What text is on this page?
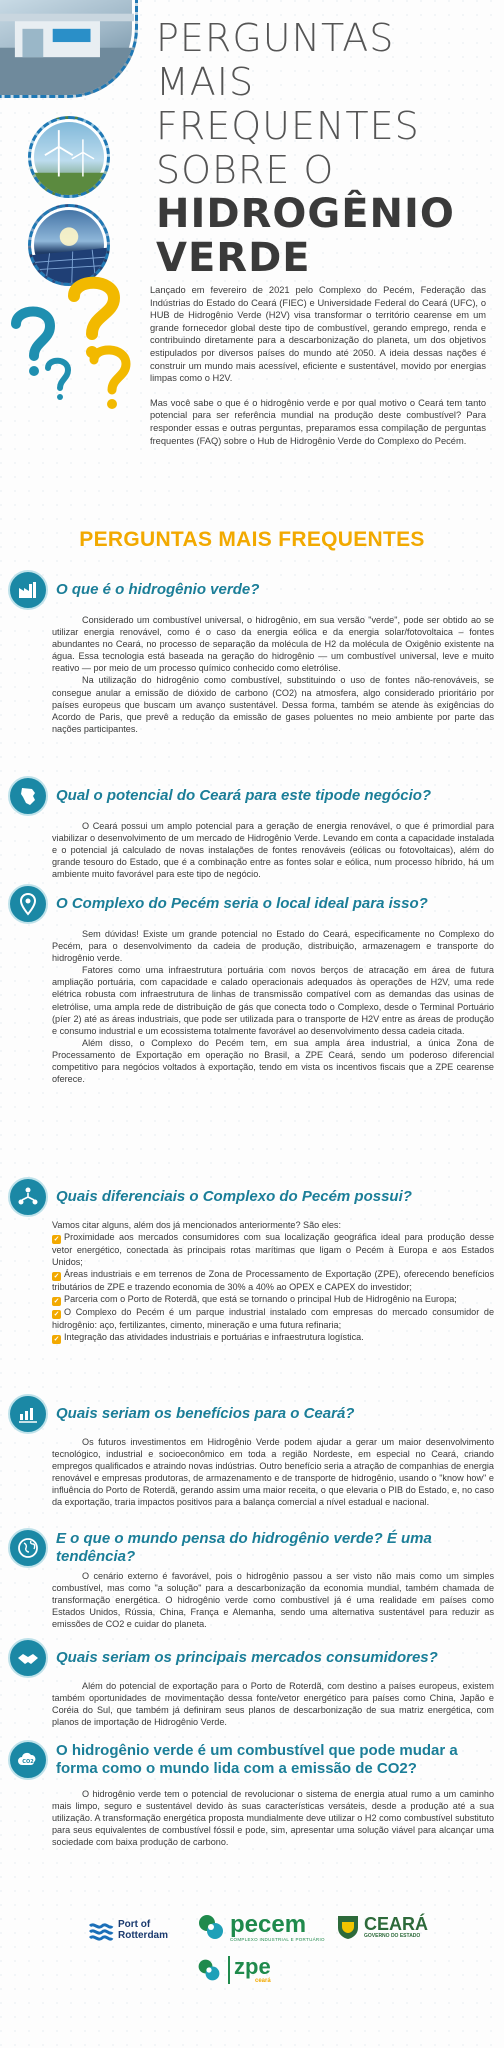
PERGUNTAS MAIS
FREQUENTES
SOBRE O
HIDROGÊNIO
VERDE

Lançado em fevereiro de 2021 pelo Complexo do Pecém, Federação das Indústrias do Estado do Ceará (FIEC) e Universidade Federal do Ceará (UFC), o HUB de Hidrogênio Verde (H2V) visa transformar o território cearense em um grande fornecedor global deste tipo de combustível, gerando emprego, renda e contribuindo diretamente para a descarbonização do planeta, um dos objetivos estipulados por diversos países do mundo até 2050. A ideia dessas nações é construir um mundo mais acessível, eficiente e sustentável, movido por energias limpas como o H2V.

Mas você sabe o que é o hidrogênio verde e por qual motivo o Ceará tem tanto potencial para ser referência mundial na produção deste combustível? Para responder essas e outras perguntas, preparamos essa compilação de perguntas frequentes (FAQ) sobre o Hub de Hidrogênio Verde do Complexo do Pecém.

PERGUNTAS MAIS FREQUENTES
O que é o hidrogênio verde?

Considerado um combustível universal, o hidrogênio, em sua versão "verde", pode ser obtido ao se utilizar energia renovável, como é o caso da energia eólica e da energia solar/fotovoltaica – fontes abundantes no Ceará, no processo de separação da molécula de H2 da molécula de Oxigênio existente na água. Essa tecnologia está baseada na geração do hidrogênio — um combustível universal, leve e muito reativo — por meio de um processo químico conhecido como eletrólise.

Na utilização do hidrogênio como combustível, substituindo o uso de fontes não-renováveis, se consegue anular a emissão de dióxido de carbono (CO2) na atmosfera, algo considerado prioritário por países europeus que buscam um avanço sustentável. Dessa forma, também se atende às exigências do Acordo de Paris, que prevê a redução da emissão de gases poluentes no meio ambiente por parte das nações participantes.

Qual o potencial do Ceará para este tipode negócio?

O Ceará possui um amplo potencial para a geração de energia renovável, o que é primordial para viabilizar o desenvolvimento de um mercado de Hidrogênio Verde. Levando em conta a capacidade instalada e o potencial já calculado de novas instalações de fontes renováveis (eólicas ou fotovoltaicas), além do grande tesouro do Estado, que é a combinação entre as fontes solar e eólica, num processo híbrido, há um ambiente muito favorável para este tipo de negócio.

O Complexo do Pecém seria o local ideal para isso?

Sem dúvidas! Existe um grande potencial no Estado do Ceará, especificamente no Complexo do Pecém, para o desenvolvimento da cadeia de produção, distribuição, armazenagem e transporte do hidrogênio verde.

Fatores como uma infraestrutura portuária com novos berços de atracação em área de futura ampliação portuária, com capacidade e calado operacionais adequados às operações de H2V, uma rede elétrica robusta com infraestrutura de linhas de transmissão compatível com as demandas das usinas de eletrólise, uma ampla rede de distribuição de gás que conecta todo o Complexo, desde o Terminal Portuário (píer 2) até as áreas industriais, que pode ser utilizada para o transporte de H2V entre as áreas de produção e consumo industrial e um ecossistema totalmente favorável ao desenvolvimento dessa cadeia citada.

Além disso, o Complexo do Pecém tem, em sua ampla área industrial, a única Zona de Processamento de Exportação em operação no Brasil, a ZPE Ceará, sendo um poderoso diferencial competitivo para negócios voltados à exportação, tendo em vista os incentivos fiscais que a ZPE cearense oferece.

Quais diferenciais o Complexo do Pecém possui?

Vamos citar alguns, além dos já mencionados anteriormente? São eles:

✓ Proximidade aos mercados consumidores com sua localização geográfica ideal para produção desse vetor energético, conectada às principais rotas marítimas que ligam o Pecém à Europa e aos Estados Unidos;

✓ Áreas industriais e em terrenos de Zona de Processamento de Exportação (ZPE), oferecendo benefícios tributários de ZPE e trazendo economia de 30% a 40% ao OPEX e CAPEX do investidor;

✓ Parceria com o Porto de Roterdã, que está se tornando o principal Hub de Hidrogênio na Europa;

✓ O Complexo do Pecém é um parque industrial instalado com empresas do mercado consumidor de hidrogênio: aço, fertilizantes, cimento, mineração e uma futura refinaria;

✓ Integração das atividades industriais e portuárias e infraestrutura logística.

Quais seriam os benefícios para o Ceará?

Os futuros investimentos em Hidrogênio Verde podem ajudar a gerar um maior desenvolvimento tecnológico, industrial e socioeconômico em toda a região Nordeste, em especial no Ceará, criando empregos qualificados e atraindo novas indústrias. Outro benefício seria a atração de companhias de energia renovável e empresas produtoras, de armazenamento e de transporte de hidrogênio, usando o "know how" e influência do Porto de Roterdã, gerando assim uma maior receita, o que elevaria o PIB do Estado, e, no caso da exportação, traria impactos positivos para a balança comercial a nível estadual e nacional.

E o que o mundo pensa do hidrogênio verde? É uma tendência?

O cenário externo é favorável, pois o hidrogênio passou a ser visto não mais como um simples combustível, mas como "a solução" para a descarbonização da economia mundial, também chamada de transformação energética. O hidrogênio verde como combustível já é uma realidade em países como Estados Unidos, Rússia, China, França e Alemanha, sendo uma alternativa sustentável para reduzir as emissões de CO2 e cuidar do planeta.

Quais seriam os principais mercados consumidores?

Além do potencial de exportação para o Porto de Roterdã, com destino a países europeus, existem também oportunidades de movimentação dessa fonte/vetor energético para países como China, Japão e Coréia do Sul, que também já definiram seus planos de descarbonização de sua matriz energética, com planos de importação de Hidrogênio Verde.

CO2
O hidrogênio verde é um combustível que pode mudar a forma como o mundo lida com a emissão de CO2?

O hidrogênio verde tem o potencial de revolucionar o sistema de energia atual rumo a um caminho mais limpo, seguro e sustentável devido às suas características versáteis, desde a produção até a sua utilização. A transformação energética proposta mundialmente deve utilizar o H2 como combustível substituto para seus equivalentes de combustível fóssil e pode, sim, apresentar uma solução viável para alcançar uma sociedade com baixa produção de carbono.

Port of
Rotterdam	pecem
COMPLEXO INDUSTRIAL E PORTUÁRIO
CEARÁ
GOVERNO DO ESTADO
zpe
ceará
